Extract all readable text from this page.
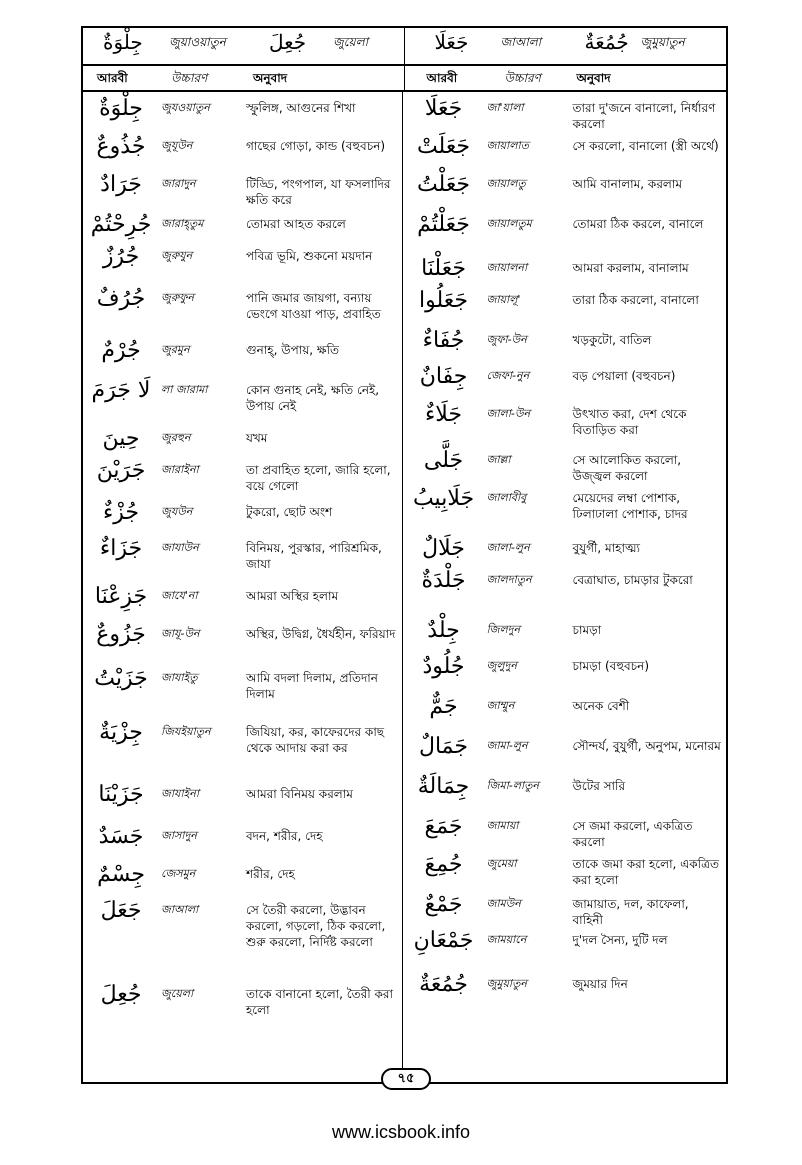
جِلْوَةٌ জুয়াওয়াতুন جُعِلَ জুয়েলা	جَعَلَا	জাআলা جُمُعَةٌ জুমুয়াতুন
আরবী	উচ্চারণ	অনুবাদ	আরবী	উচ্চারণ	অনুবাদ
جِلْوَةٌ	জুযওয়াতুন	স্ফুলিঙ্গ, আগুনের শিখা
جُذُوعٌ	জুযূউন	গাছের গোড়া, কান্ড (বহুবচন)
جَرَادٌ	জারাদুন	টিড্ডি, পংগপাল, যা ফসলাদির ক্ষতি করে
جُرِحْتُمْ জারাহ্তুম	তোমরা আহত করলে
جُرُزٌ	জুরুযুন	পবিত্র ভূমি, শুকনো ময়দান
جُرُفٌ	জুরুফুন	পানি জমার জায়গা, বন্যায় ভেংগে যাওয়া পাড়, প্রবাহিত
جُرْمٌ	জুরমুন	গুনাহ্, উপায়, ক্ষতি
لَا جَرَمَ লা জারামা	কোন গুনাহ নেই, ক্ষতি নেই, উপায় নেই
حِينَ	জুরহুন	যখম
جَرَيْنَ	জারাইনা	তা প্রবাহিত হলো, জারি হলো, বয়ে গেলো
جُزْءٌ	জুযউন	টুকরো, ছোট অংশ
جَزَاءٌ	জাযাউন	বিনিময়, পুরস্কার, পারিশ্রমিক, জাযা
جَزِعْنَا	জাযে'না	আমরা অস্থির হলাম
جَزُوعٌ	জাযূ-উন	অস্থির, উদ্বিগ্ন, ধৈর্যহীন, ফরিয়াদ
جَزَيْتُ	জাযাইতু	আমি বদলা দিলাম, প্রতিদান দিলাম
جِزْيَةٌ	জিযইয়াতুন	জিযিয়া, কর, কাফেরদের কাছ থেকে আদায় করা কর
جَزَيْنَا	জাযাইনা	আমরা বিনিময় করলাম
جَسَدٌ	জাসাদুন	বদন, শরীর, দেহ
جِسْمٌ	জেসমুন	শরীর, দেহ
جَعَلَ	জাআলা	সে তৈরী করলো, উদ্ভাবন করলো, গড়লো, ঠিক করলো, শুরু করলো, নির্দিষ্ট করলো
جُعِلَ	জুয়েলা	তাকে বানানো হলো, তৈরী করা হলো
جَعَلَا	জা'য়ালা	তারা দু'জনে বানালো, নির্ধারণ করলো
جَعَلَتْ	জায়ালাত	সে করলো, বানালো (স্ত্রী অর্থে)
جَعَلْتُ	জায়ালতু	আমি বানালাম, করলাম
جَعَلْتُمْ	জায়ালতুম	তোমরা ঠিক করলে, বানালে
جَعَلْنَا	জায়ালনা	আমরা করলাম, বানালাম
جَعَلُوا	জায়ালূ'	তারা ঠিক করলো, বানালো
جُفَاءٌ	জুফা-উন	খড়কুটো, বাতিল
جِفَانٌ	জেফা-নুন	বড় পেয়ালা (বহুবচন)
جَلَاءٌ	জালা-উন	উৎখাত করা, দেশ থেকে বিতাড়িত করা
جَلَّى	জাল্লা	সে আলোকিত করলো, উজ্জ্বল করলো
جَلَابِيبُ	জালাবীবু	মেয়েদের লম্বা পোশাক, ঢিলাঢালা পোশাক, চাদর
جَلَالٌ	জালা-লুন	বুযুর্গী, মাহাত্ম্য
جَلْدَةٌ	জালদাতুন	বেত্রাঘাত, চামড়ার টুকরো
جِلْدٌ	জিলদুন	চামড়া
جُلُودٌ	জুলুদুন	চামড়া (বহুবচন)
جَمٌّ	জাম্মুন	অনেক বেশী
جَمَالٌ	জামা-লুন	সৌন্দর্য, বুযুর্গী, অনুপম, মনোরম
جِمَالَةٌ	জিমা-লাতুন	উটের সারি
جَمَعَ	জামায়া	সে জমা করলো, একত্রিত করলো
جُمِعَ	জুমেয়া	তাকে জমা করা হলো, একত্রিত করা হলো
جَمْعٌ	জামউন	জামায়াত, দল, কাফেলা, বাহিনী
جَمْعَانِ	জাময়ানে	দু'দল সৈন্য, দুটি দল
جُمُعَةٌ	জুমুয়াতুন	জুময়ার দিন
৭৫
www.icsbook.info
